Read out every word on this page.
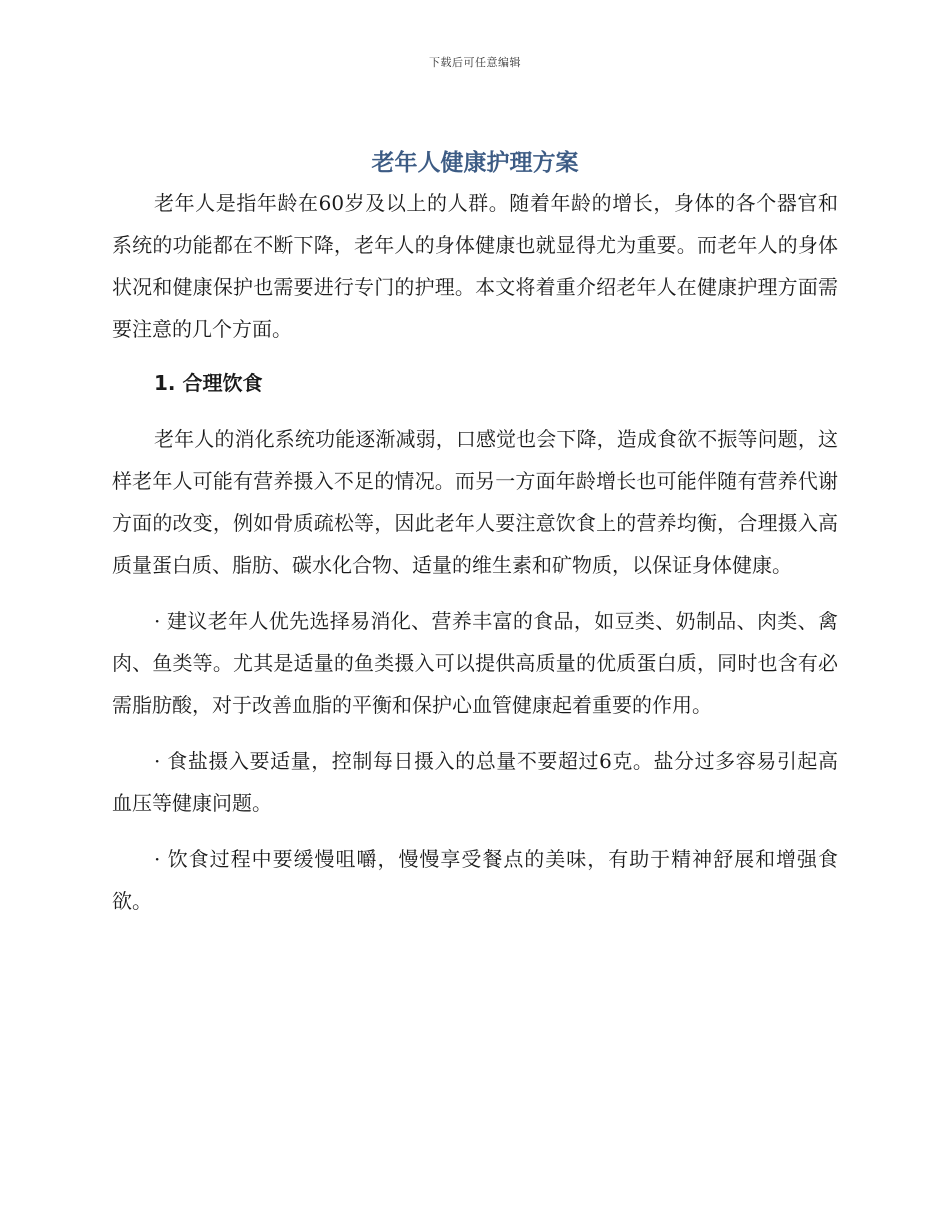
下载后可任意编辑
老年人健康护理方案

老年人是指年龄在60岁及以上的人群。随着年龄的增长，身体的各个器官和系统的功能都在不断下降，老年人的身体健康也就显得尤为重要。而老年人的身体状况和健康保护也需要进行专门的护理。本文将着重介绍老年人在健康护理方面需要注意的几个方面。

1. 合理饮食

老年人的消化系统功能逐渐减弱，口感觉也会下降，造成食欲不振等问题，这样老年人可能有营养摄入不足的情况。而另一方面年龄增长也可能伴随有营养代谢方面的改变，例如骨质疏松等，因此老年人要注意饮食上的营养均衡，合理摄入高质量蛋白质、脂肪、碳水化合物、适量的维生素和矿物质，以保证身体健康。

· 建议老年人优先选择易消化、营养丰富的食品，如豆类、奶制品、肉类、禽肉、鱼类等。尤其是适量的鱼类摄入可以提供高质量的优质蛋白质，同时也含有必需脂肪酸，对于改善血脂的平衡和保护心血管健康起着重要的作用。

· 食盐摄入要适量，控制每日摄入的总量不要超过6克。盐分过多容易引起高血压等健康问题。

· 饮食过程中要缓慢咀嚼，慢慢享受餐点的美味，有助于精神舒展和增强食欲。
